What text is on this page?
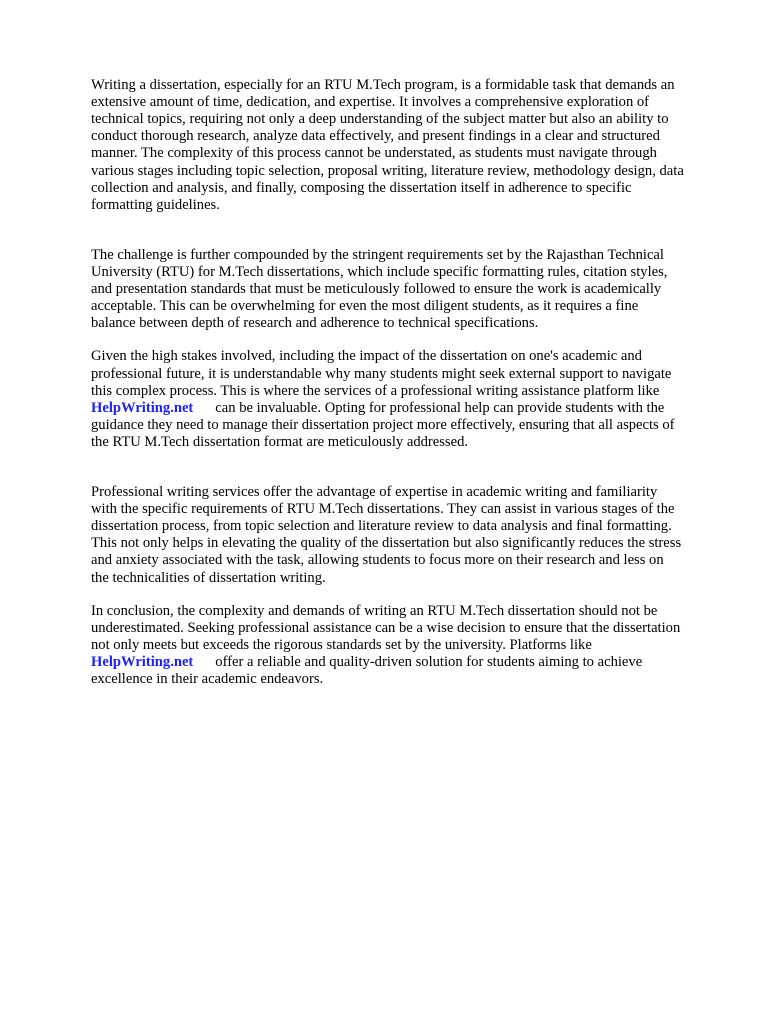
Writing a dissertation, especially for an RTU M.Tech program, is a formidable task that demands an
extensive amount of time, dedication, and expertise. It involves a comprehensive exploration of
technical topics, requiring not only a deep understanding of the subject matter but also an ability to
conduct thorough research, analyze data effectively, and present findings in a clear and structured
manner. The complexity of this process cannot be understated, as students must navigate through
various stages including topic selection, proposal writing, literature review, methodology design, data
collection and analysis, and finally, composing the dissertation itself in adherence to specific
formatting guidelines.

The challenge is further compounded by the stringent requirements set by the Rajasthan Technical
University (RTU) for M.Tech dissertations, which include specific formatting rules, citation styles,
and presentation standards that must be meticulously followed to ensure the work is academically
acceptable. This can be overwhelming for even the most diligent students, as it requires a fine
balance between depth of research and adherence to technical specifications.

Given the high stakes involved, including the impact of the dissertation on one's academic and
professional future, it is understandable why many students might seek external support to navigate
this complex process. This is where the services of a professional writing assistance platform like
HelpWriting.net can be invaluable. Opting for professional help can provide students with the
guidance they need to manage their dissertation project more effectively, ensuring that all aspects of
the RTU M.Tech dissertation format are meticulously addressed.

Professional writing services offer the advantage of expertise in academic writing and familiarity
with the specific requirements of RTU M.Tech dissertations. They can assist in various stages of the
dissertation process, from topic selection and literature review to data analysis and final formatting.
This not only helps in elevating the quality of the dissertation but also significantly reduces the stress
and anxiety associated with the task, allowing students to focus more on their research and less on
the technicalities of dissertation writing.

In conclusion, the complexity and demands of writing an RTU M.Tech dissertation should not be
underestimated. Seeking professional assistance can be a wise decision to ensure that the dissertation
not only meets but exceeds the rigorous standards set by the university. Platforms like
HelpWriting.net offer a reliable and quality-driven solution for students aiming to achieve
excellence in their academic endeavors.
